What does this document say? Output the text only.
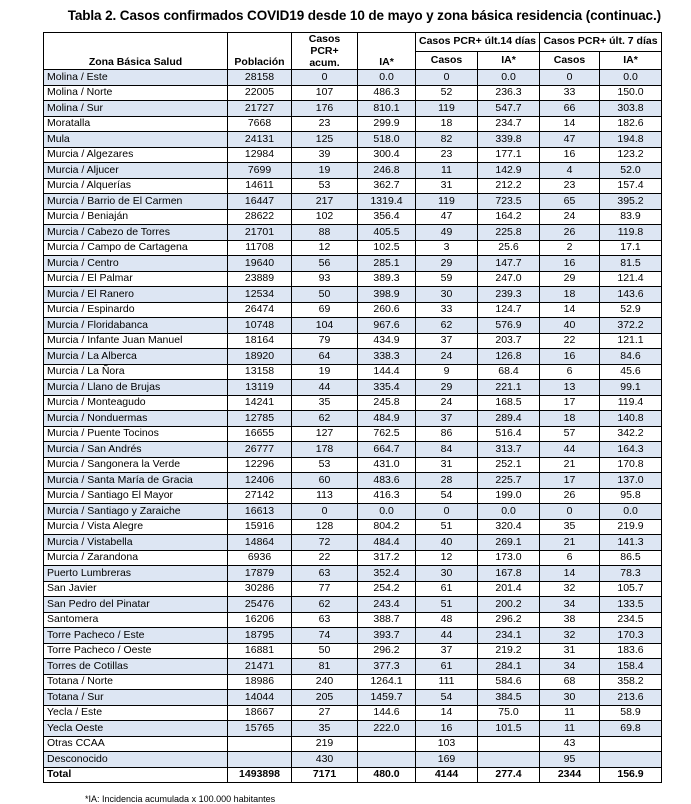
Tabla 2. Casos confirmados COVID19 desde 10 de mayo y zona básica residencia (continuac.)
Zona Básica Salud	Población	Casos PCR+ acum.	IA*	Casos PCR+ últ.14 días		Casos PCR+ últ. 7 días	
				Casos	IA*	Casos	IA*
Molina / Este	28158	0	0.0	0	0.0	0	0.0
Molina / Norte	22005	107	486.3	52	236.3	33	150.0
Molina / Sur	21727	176	810.1	119	547.7	66	303.8
Moratalla	7668	23	299.9	18	234.7	14	182.6
Mula	24131	125	518.0	82	339.8	47	194.8
Murcia / Algezares	12984	39	300.4	23	177.1	16	123.2
Murcia / Aljucer	7699	19	246.8	11	142.9	4	52.0
Murcia / Alquerías	14611	53	362.7	31	212.2	23	157.4
Murcia / Barrio de El Carmen	16447	217	1319.4	119	723.5	65	395.2
Murcia / Beniaján	28622	102	356.4	47	164.2	24	83.9
Murcia / Cabezo de Torres	21701	88	405.5	49	225.8	26	119.8
Murcia / Campo de Cartagena	11708	12	102.5	3	25.6	2	17.1
Murcia / Centro	19640	56	285.1	29	147.7	16	81.5
Murcia / El Palmar	23889	93	389.3	59	247.0	29	121.4
Murcia / El Ranero	12534	50	398.9	30	239.3	18	143.6
Murcia / Espinardo	26474	69	260.6	33	124.7	14	52.9
Murcia / Floridabanca	10748	104	967.6	62	576.9	40	372.2
Murcia / Infante Juan Manuel	18164	79	434.9	37	203.7	22	121.1
Murcia / La Alberca	18920	64	338.3	24	126.8	16	84.6
Murcia / La Ñora	13158	19	144.4	9	68.4	6	45.6
Murcia / Llano de Brujas	13119	44	335.4	29	221.1	13	99.1
Murcia / Monteagudo	14241	35	245.8	24	168.5	17	119.4
Murcia / Nonduermas	12785	62	484.9	37	289.4	18	140.8
Murcia / Puente Tocinos	16655	127	762.5	86	516.4	57	342.2
Murcia / San Andrés	26777	178	664.7	84	313.7	44	164.3
Murcia / Sangonera la Verde	12296	53	431.0	31	252.1	21	170.8
Murcia / Santa María de Gracia	12406	60	483.6	28	225.7	17	137.0
Murcia / Santiago El Mayor	27142	113	416.3	54	199.0	26	95.8
Murcia / Santiago y Zaraiche	16613	0	0.0	0	0.0	0	0.0
Murcia / Vista Alegre	15916	128	804.2	51	320.4	35	219.9
Murcia / Vistabella	14864	72	484.4	40	269.1	21	141.3
Murcia / Zarandona	6936	22	317.2	12	173.0	6	86.5
Puerto Lumbreras	17879	63	352.4	30	167.8	14	78.3
San Javier	30286	77	254.2	61	201.4	32	105.7
San Pedro del Pinatar	25476	62	243.4	51	200.2	34	133.5
Santomera	16206	63	388.7	48	296.2	38	234.5
Torre Pacheco / Este	18795	74	393.7	44	234.1	32	170.3
Torre Pacheco / Oeste	16881	50	296.2	37	219.2	31	183.6
Torres de Cotillas	21471	81	377.3	61	284.1	34	158.4
Totana / Norte	18986	240	1264.1	111	584.6	68	358.2
Totana / Sur	14044	205	1459.7	54	384.5	30	213.6
Yecla / Este	18667	27	144.6	14	75.0	11	58.9
Yecla Oeste	15765	35	222.0	16	101.5	11	69.8
Otras CCAA		219		103		43	
Desconocido		430		169		95	
Total	1493898	7171	480.0	4144	277.4	2344	156.9
*IA: Incidencia acumulada x 100.000 habitantes
